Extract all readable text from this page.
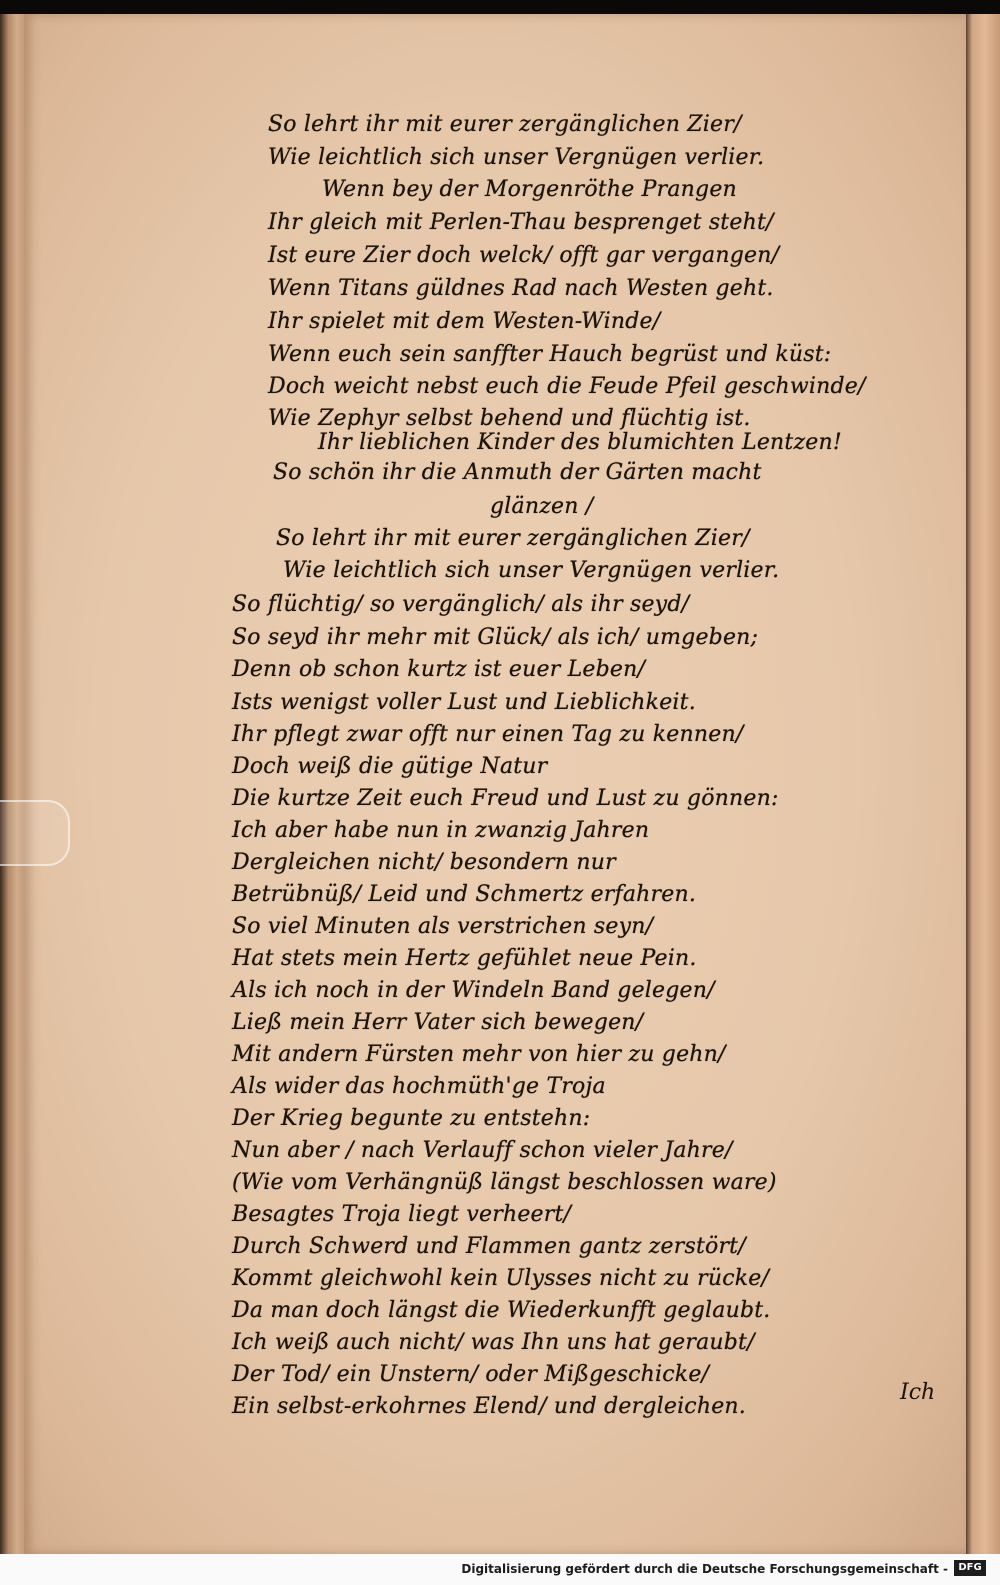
So lehrt ihr mit eurer zergänglichen Zier/
Wie leichtlich sich unser Vergnügen verlier.
Wenn bey der Morgenröthe Prangen
Ihr gleich mit Perlen-Thau besprenget steht/
Ist eure Zier doch welck/ offt gar vergangen/
Wenn Titans güldnes Rad nach Westen geht.
Ihr spielet mit dem Westen-Winde/
Wenn euch sein sanffter Hauch begrüst und küst:
Doch weicht nebst euch die Feude Pfeil geschwinde/
Wie Zephyr selbst behend und flüchtig ist.
Ihr lieblichen Kinder des blumichten Lentzen!
So schön ihr die Anmuth der Gärten macht
glänzen /
So lehrt ihr mit eurer zergänglichen Zier/
Wie leichtlich sich unser Vergnügen verlier.
So flüchtig/ so vergänglich/ als ihr seyd/
So seyd ihr mehr mit Glück/ als ich/ umgeben;
Denn ob schon kurtz ist euer Leben/
Ists wenigst voller Lust und Lieblichkeit.
Ihr pflegt zwar offt nur einen Tag zu kennen/
Doch weiß die gütige Natur
Die kurtze Zeit euch Freud und Lust zu gönnen:
Ich aber habe nun in zwanzig Jahren
Dergleichen nicht/ besondern nur
Betrübnüß/ Leid und Schmertz erfahren.
So viel Minuten als verstrichen seyn/
Hat stets mein Hertz gefühlet neue Pein.
Als ich noch in der Windeln Band gelegen/
Ließ mein Herr Vater sich bewegen/
Mit andern Fürsten mehr von hier zu gehn/
Als wider das hochmüth'ge Troja
Der Krieg begunte zu entstehn:
Nun aber / nach Verlauff schon vieler Jahre/
(Wie vom Verhängnüß längst beschlossen ware)
Besagtes Troja liegt verheert/
Durch Schwerd und Flammen gantz zerstört/
Kommt gleichwohl kein Ulysses nicht zu rücke/
Da man doch längst die Wiederkunfft geglaubt.
Ich weiß auch nicht/ was Ihn uns hat geraubt/
Der Tod/ ein Unstern/ oder Mißgeschicke/
Ein selbst-erkohrnes Elend/ und dergleichen.
Ich
Digitalisierung gefördert durch die Deutsche Forschungsgemeinschaft -	DFG
